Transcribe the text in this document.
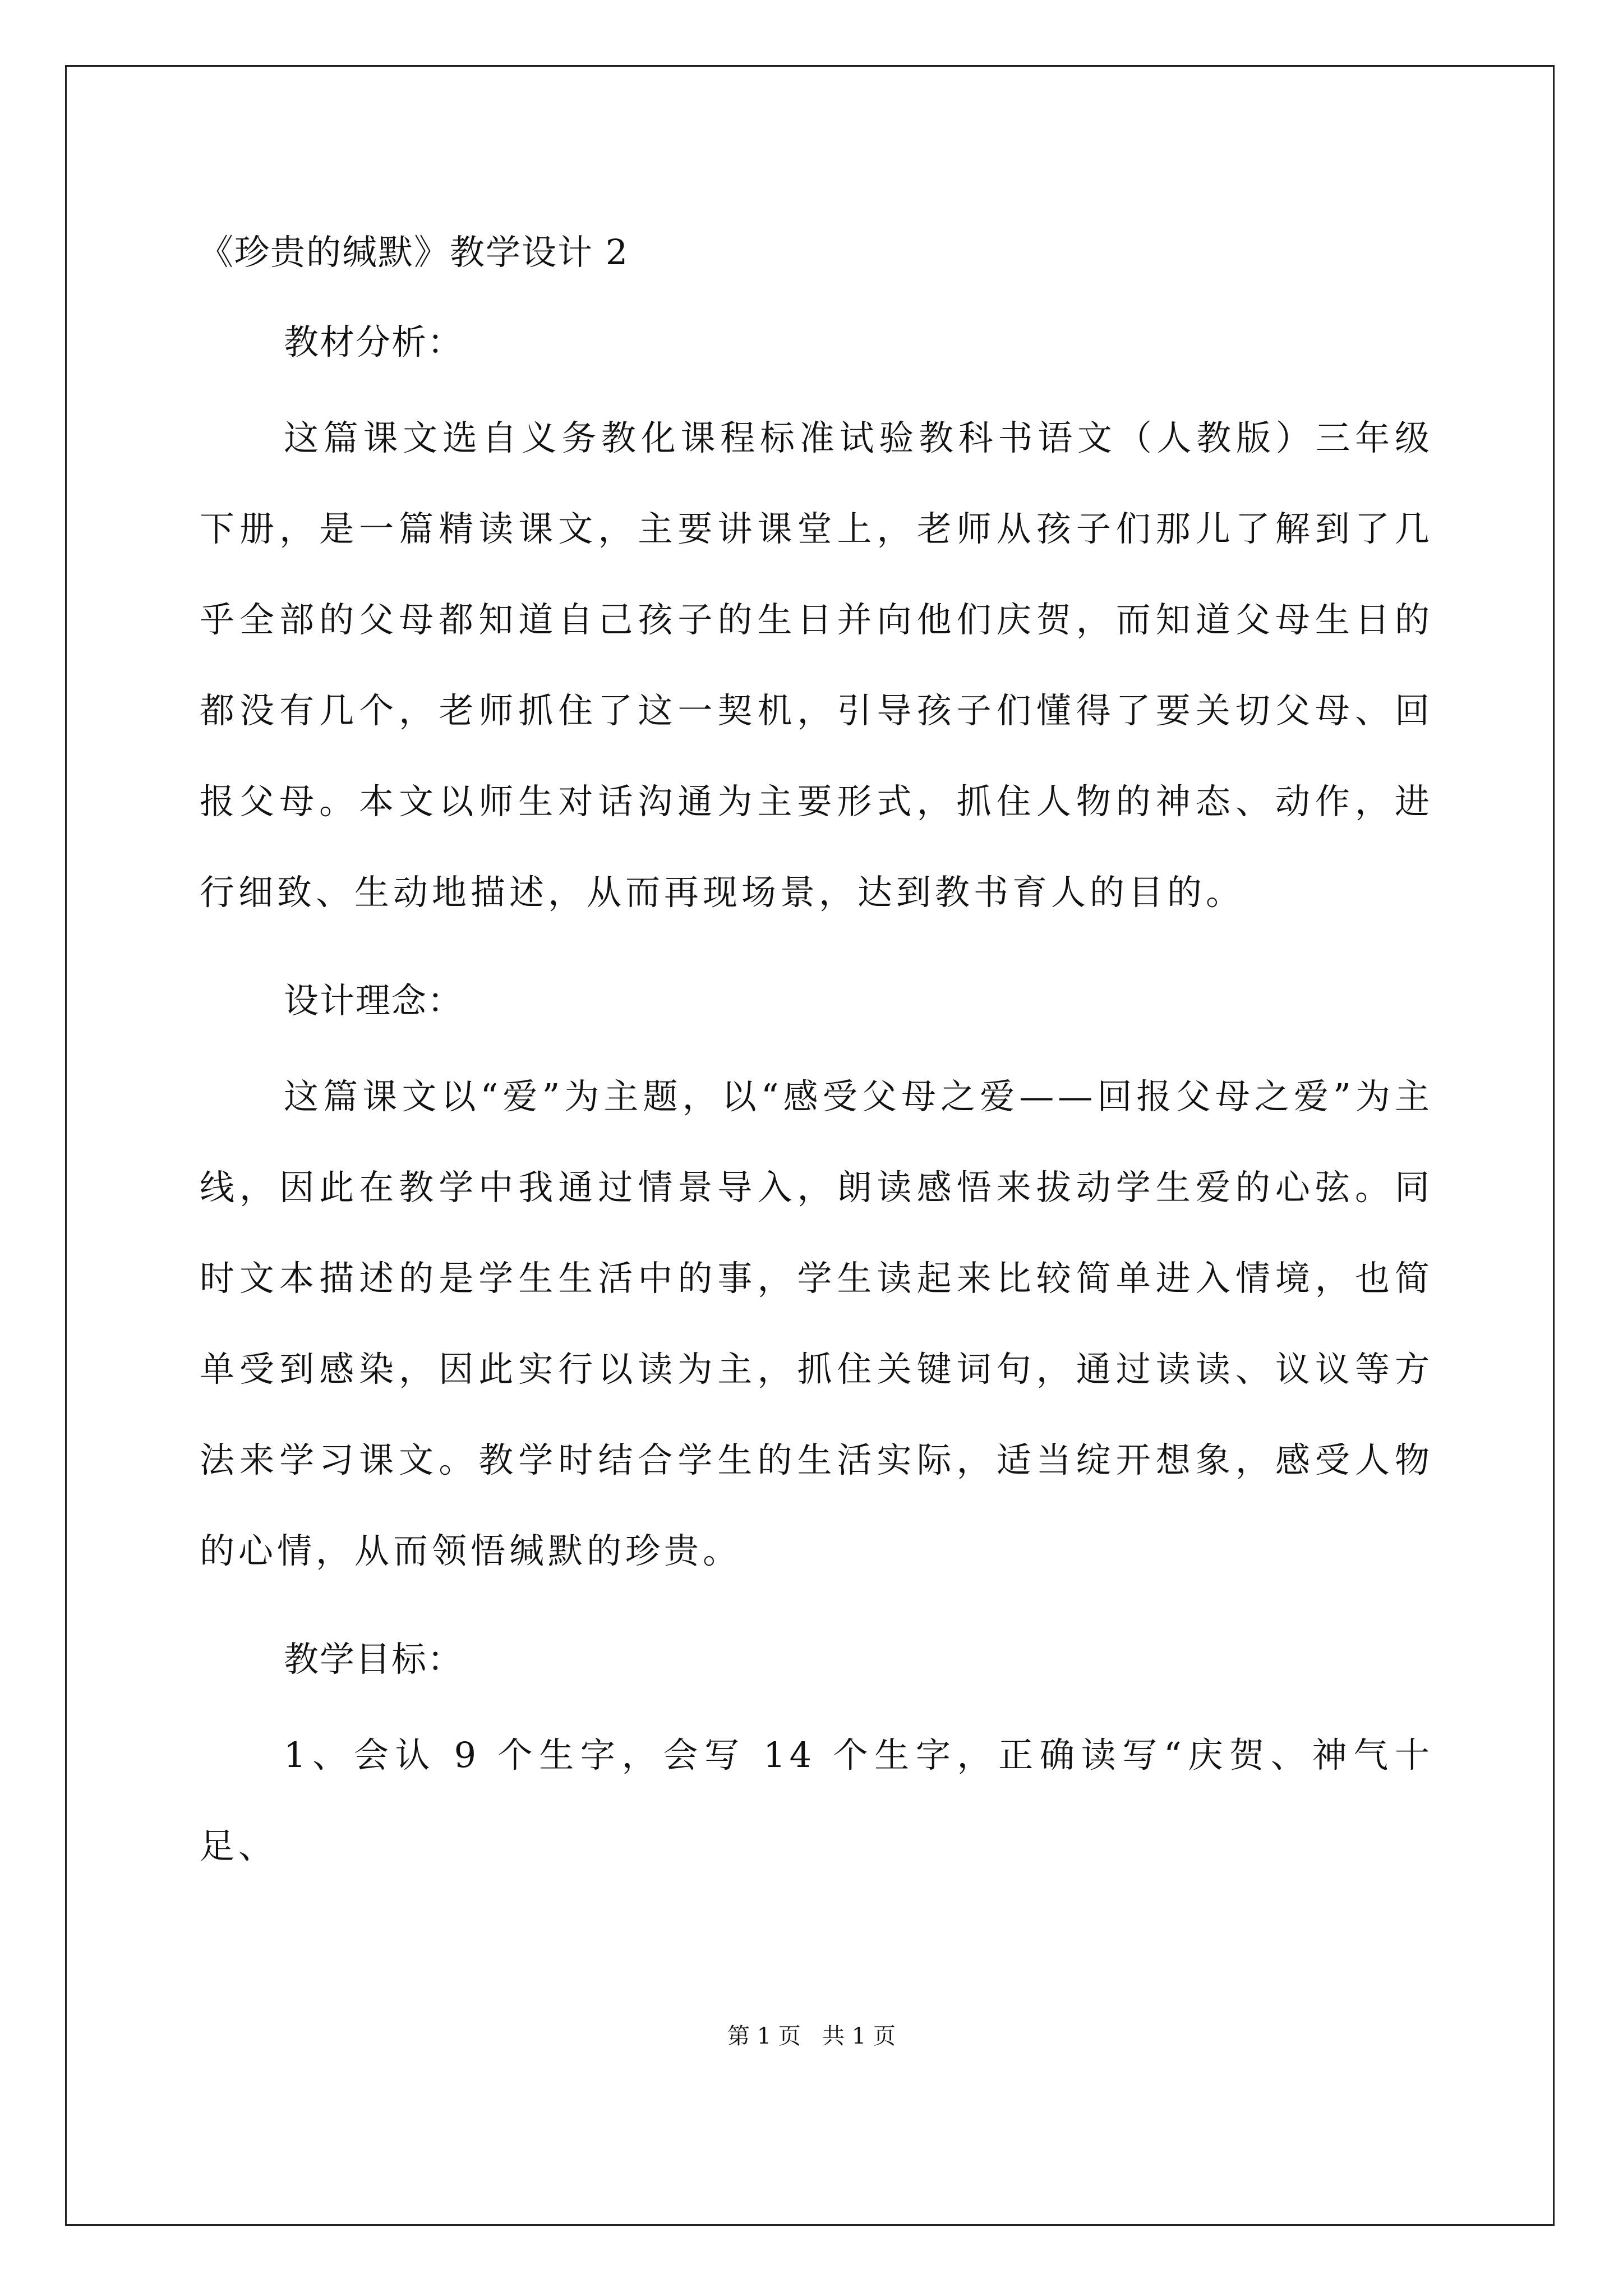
《珍贵的缄默》教学设计 2
教材分析：

这篇课文选自义务教化课程标准试验教科书语文（人教版）三年级下册，是一篇精读课文，主要讲课堂上，老师从孩子们那儿了解到了几乎全部的父母都知道自己孩子的生日并向他们庆贺，而知道父母生日的都没有几个，老师抓住了这一契机，引导孩子们懂得了要关切父母、回报父母。本文以师生对话沟通为主要形式，抓住人物的神态、动作，进行细致、生动地描述，从而再现场景，达到教书育人的目的。

设计理念：

这篇课文以“爱”为主题，以“感受父母之爱——回报父母之爱”为主线，因此在教学中我通过情景导入，朗读感悟来拔动学生爱的心弦。同时文本描述的是学生生活中的事，学生读起来比较简单进入情境，也简单受到感染，因此实行以读为主，抓住关键词句，通过读读、议议等方法来学习课文。教学时结合学生的生活实际，适当绽开想象，感受人物的心情，从而领悟缄默的珍贵。

教学目标：

1、会认 9 个生字，会写 14 个生字，正确读写“庆贺、神气十足、

第 1 页 共 1 页
